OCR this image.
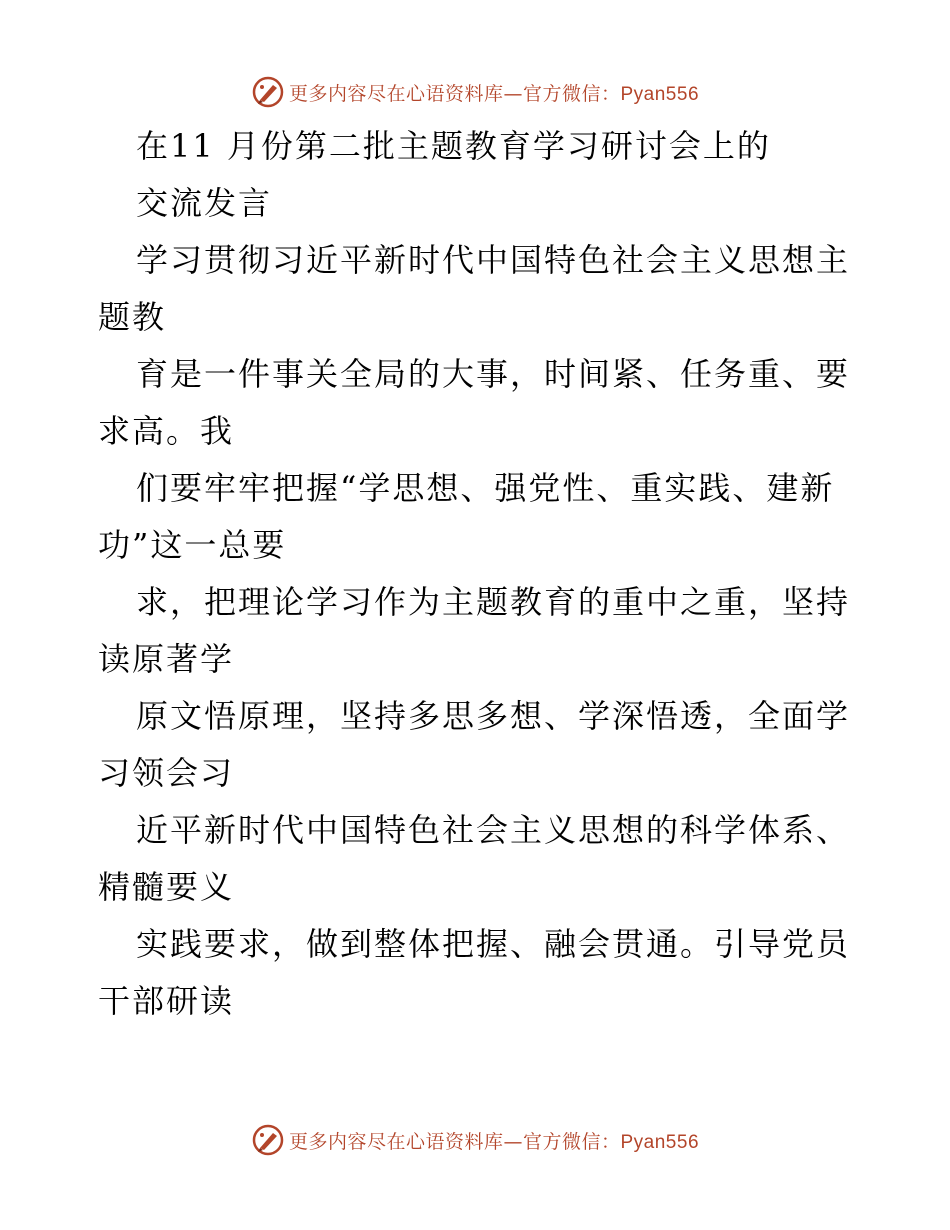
更多内容尽在心语资料库—官方微信：Pyan556
在11 月份第二批主题教育学习研讨会上的
交流发言
学习贯彻习近平新时代中国特色社会主义思想主
题教
育是一件事关全局的大事，时间紧、任务重、要
求高。我
们要牢牢把握“学思想、强党性、重实践、建新
功”这一总要
求，把理论学习作为主题教育的重中之重，坚持
读原著学
原文悟原理，坚持多思多想、学深悟透，全面学
习领会习
近平新时代中国特色社会主义思想的科学体系、
精髓要义
实践要求，做到整体把握、融会贯通。引导党员
干部研读
更多内容尽在心语资料库—官方微信：Pyan556
